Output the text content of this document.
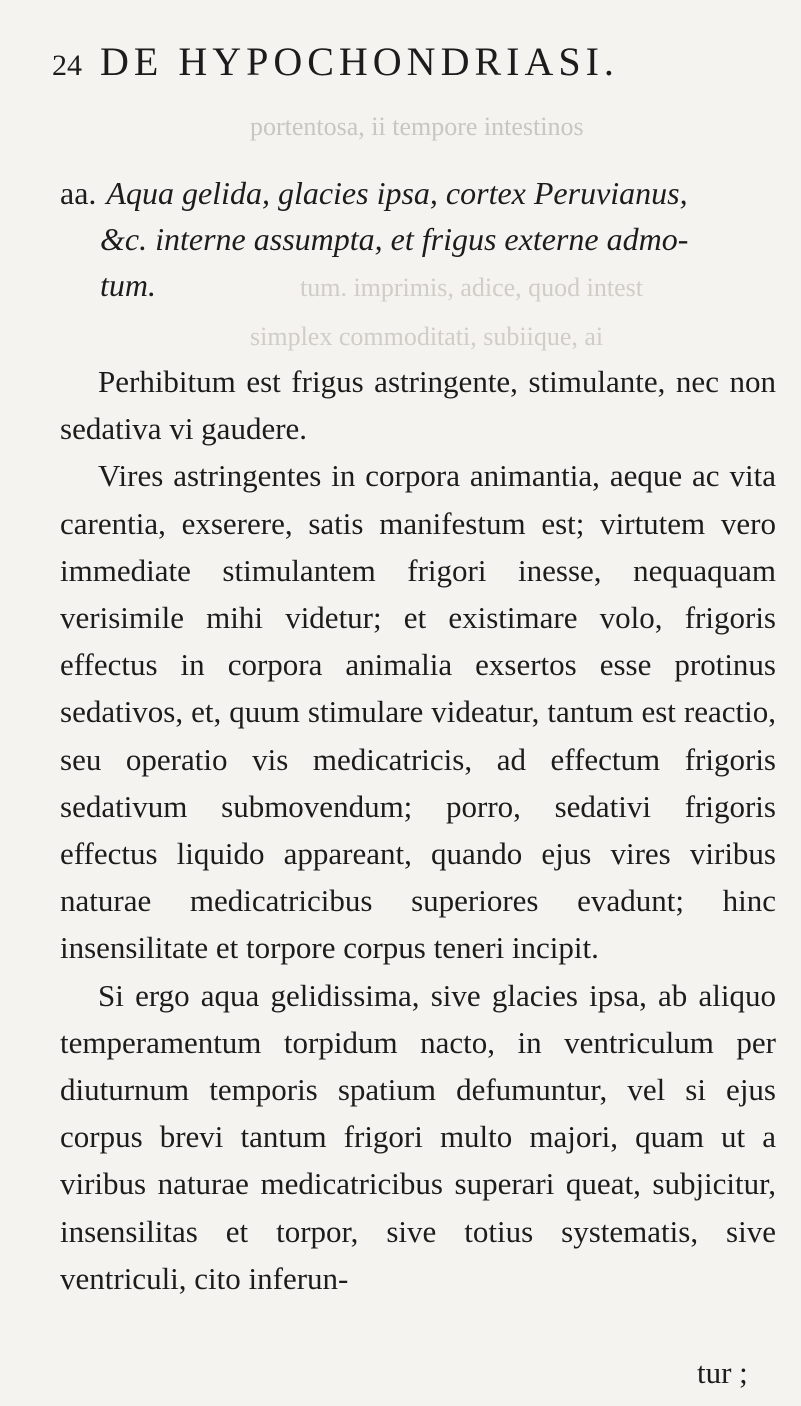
24 DE HYPOCHONDRIASI.
portentosa, ii tempore intestinos
aa. Aqua gelida, glacies ipsa, cortex Peruvianus,
&c. interne assumpta, et frigus externe admo-
tum.	tum. imprimis, adice, quod intest
simplex commoditati, subiique, ai

Perhibitum est frigus astringente, stimulante, nec non sedativa vi gaudere.

Vires astringentes in corpora animantia, aeque ac vita carentia, exserere, satis manifestum est; virtutem vero immediate stimulantem frigori inesse, nequaquam verisimile mihi videtur; et existimare volo, frigoris effectus in corpora animalia exsertos esse protinus sedativos, et, quum stimulare videatur, tantum est reactio, seu operatio vis medicatricis, ad effectum frigoris sedativum submovendum; porro, sedativi frigoris effectus liquido appareant, quando ejus vires viribus naturae medicatricibus superiores evadunt; hinc insensilitate et torpore corpus teneri incipit.

Si ergo aqua gelidissima, sive glacies ipsa, ab aliquo temperamentum torpidum nacto, in ventriculum per diuturnum temporis spatium defumuntur, vel si ejus corpus brevi tantum frigori multo majori, quam ut a viribus naturae medicatricibus superari queat, subjicitur, insensilitas et torpor, sive totius systematis, sive ventriculi, cito inferun-

tur ;
